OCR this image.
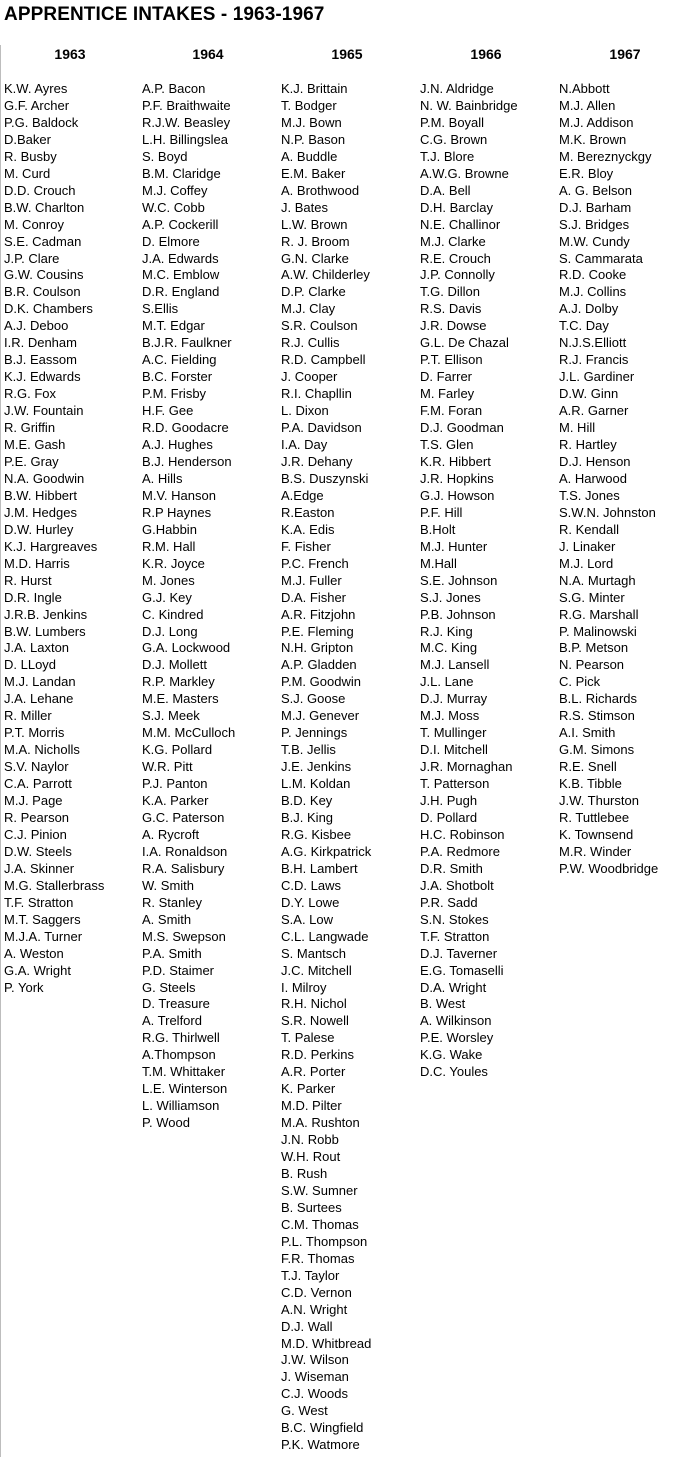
APPRENTICE INTAKES - 1963-1967
1963
K.W. Ayres
G.F. Archer
P.G. Baldock
D.Baker
R. Busby
M. Curd
D.D. Crouch
B.W. Charlton
M. Conroy
S.E. Cadman
J.P. Clare
G.W. Cousins
B.R. Coulson
D.K. Chambers
A.J. Deboo
I.R. Denham
B.J. Eassom
K.J. Edwards
R.G. Fox
J.W. Fountain
R. Griffin
M.E. Gash
P.E. Gray
N.A. Goodwin
B.W. Hibbert
J.M. Hedges
D.W. Hurley
K.J. Hargreaves
M.D. Harris
R. Hurst
D.R. Ingle
J.R.B. Jenkins
B.W. Lumbers
J.A. Laxton
D. LLoyd
M.J. Landan
J.A. Lehane
R. Miller
P.T. Morris
M.A. Nicholls
S.V. Naylor
C.A. Parrott
M.J. Page
R. Pearson
C.J. Pinion
D.W. Steels
J.A. Skinner
M.G. Stallerbrass
T.F. Stratton
M.T. Saggers
M.J.A. Turner
A. Weston
G.A. Wright
P. York
1964
A.P. Bacon
P.F. Braithwaite
R.J.W. Beasley
L.H. Billingslea
S. Boyd
B.M. Claridge
M.J. Coffey
W.C. Cobb
A.P. Cockerill
D. Elmore
J.A. Edwards
M.C. Emblow
D.R. England
S.Ellis
M.T. Edgar
B.J.R. Faulkner
A.C. Fielding
B.C. Forster
P.M. Frisby
H.F. Gee
R.D. Goodacre
A.J. Hughes
B.J. Henderson
A. Hills
M.V. Hanson
R.P Haynes
G.Habbin
R.M. Hall
K.R. Joyce
M. Jones
G.J. Key
C. Kindred
D.J. Long
G.A. Lockwood
D.J. Mollett
R.P. Markley
M.E. Masters
S.J. Meek
M.M. McCulloch
K.G. Pollard
W.R. Pitt
P.J. Panton
K.A. Parker
G.C. Paterson
A. Rycroft
I.A. Ronaldson
R.A. Salisbury
W. Smith
R. Stanley
A. Smith
M.S. Swepson
P.A. Smith
P.D. Staimer
G. Steels
D. Treasure
A. Trelford
R.G. Thirlwell
A.Thompson
T.M. Whittaker
L.E. Winterson
L. Williamson
P. Wood
1965
K.J. Brittain
T. Bodger
M.J. Bown
N.P. Bason
A. Buddle
E.M. Baker
A. Brothwood
J. Bates
L.W. Brown
R. J. Broom
G.N. Clarke
A.W. Childerley
D.P. Clarke
M.J. Clay
S.R. Coulson
R.J. Cullis
R.D. Campbell
J. Cooper
R.I. Chapllin
L. Dixon
P.A. Davidson
I.A. Day
J.R. Dehany
B.S. Duszynski
A.Edge
R.Easton
K.A. Edis
F. Fisher
P.C. French
M.J. Fuller
D.A. Fisher
A.R. Fitzjohn
P.E. Fleming
N.H. Gripton
A.P. Gladden
P.M. Goodwin
S.J. Goose
M.J. Genever
P. Jennings
T.B. Jellis
J.E. Jenkins
L.M. Koldan
B.D. Key
B.J. King
R.G. Kisbee
A.G. Kirkpatrick
B.H. Lambert
C.D. Laws
D.Y. Lowe
S.A. Low
C.L. Langwade
S. Mantsch
J.C. Mitchell
I. Milroy
R.H. Nichol
S.R. Nowell
T. Palese
R.D. Perkins
A.R. Porter
K. Parker
M.D. Pilter
M.A. Rushton
J.N. Robb
W.H. Rout
B. Rush
S.W. Sumner
B. Surtees
C.M. Thomas
P.L. Thompson
F.R. Thomas
T.J. Taylor
C.D. Vernon
A.N. Wright
D.J. Wall
M.D. Whitbread
J.W. Wilson
J. Wiseman
C.J. Woods
G. West
B.C. Wingfield
P.K. Watmore
1966
J.N. Aldridge
N. W. Bainbridge
P.M. Boyall
C.G. Brown
T.J. Blore
A.W.G. Browne
D.A. Bell
D.H. Barclay
N.E. Challinor
M.J. Clarke
R.E. Crouch
J.P. Connolly
T.G. Dillon
R.S. Davis
J.R. Dowse
G.L. De Chazal
P.T. Ellison
D. Farrer
M. Farley
F.M. Foran
D.J. Goodman
T.S. Glen
K.R. Hibbert
J.R. Hopkins
G.J. Howson
P.F. Hill
B.Holt
M.J. Hunter
M.Hall
S.E. Johnson
S.J. Jones
P.B. Johnson
R.J. King
M.C. King
M.J. Lansell
J.L. Lane
D.J. Murray
M.J. Moss
T. Mullinger
D.I. Mitchell
J.R. Mornaghan
T. Patterson
J.H. Pugh
D. Pollard
H.C. Robinson
P.A. Redmore
D.R. Smith
J.A. Shotbolt
P.R. Sadd
S.N. Stokes
T.F. Stratton
D.J. Taverner
E.G. Tomaselli
D.A. Wright
B. West
A. Wilkinson
P.E. Worsley
K.G. Wake
D.C. Youles
1967
N.Abbott
M.J. Allen
M.J. Addison
M.K. Brown
M. Bereznyckgy
E.R. Bloy
A. G. Belson
D.J. Barham
S.J. Bridges
M.W. Cundy
S. Cammarata
R.D. Cooke
M.J. Collins
A.J. Dolby
T.C. Day
N.J.S.Elliott
R.J. Francis
J.L. Gardiner
D.W. Ginn
A.R. Garner
M. Hill
R. Hartley
D.J. Henson
A. Harwood
T.S. Jones
S.W.N. Johnston
R. Kendall
J. Linaker
M.J. Lord
N.A. Murtagh
S.G. Minter
R.G. Marshall
P. Malinowski
B.P. Metson
N. Pearson
C. Pick
B.L. Richards
R.S. Stimson
A.I. Smith
G.M. Simons
R.E. Snell
K.B. Tibble
J.W. Thurston
R. Tuttlebee
K. Townsend
M.R. Winder
P.W. Woodbridge
